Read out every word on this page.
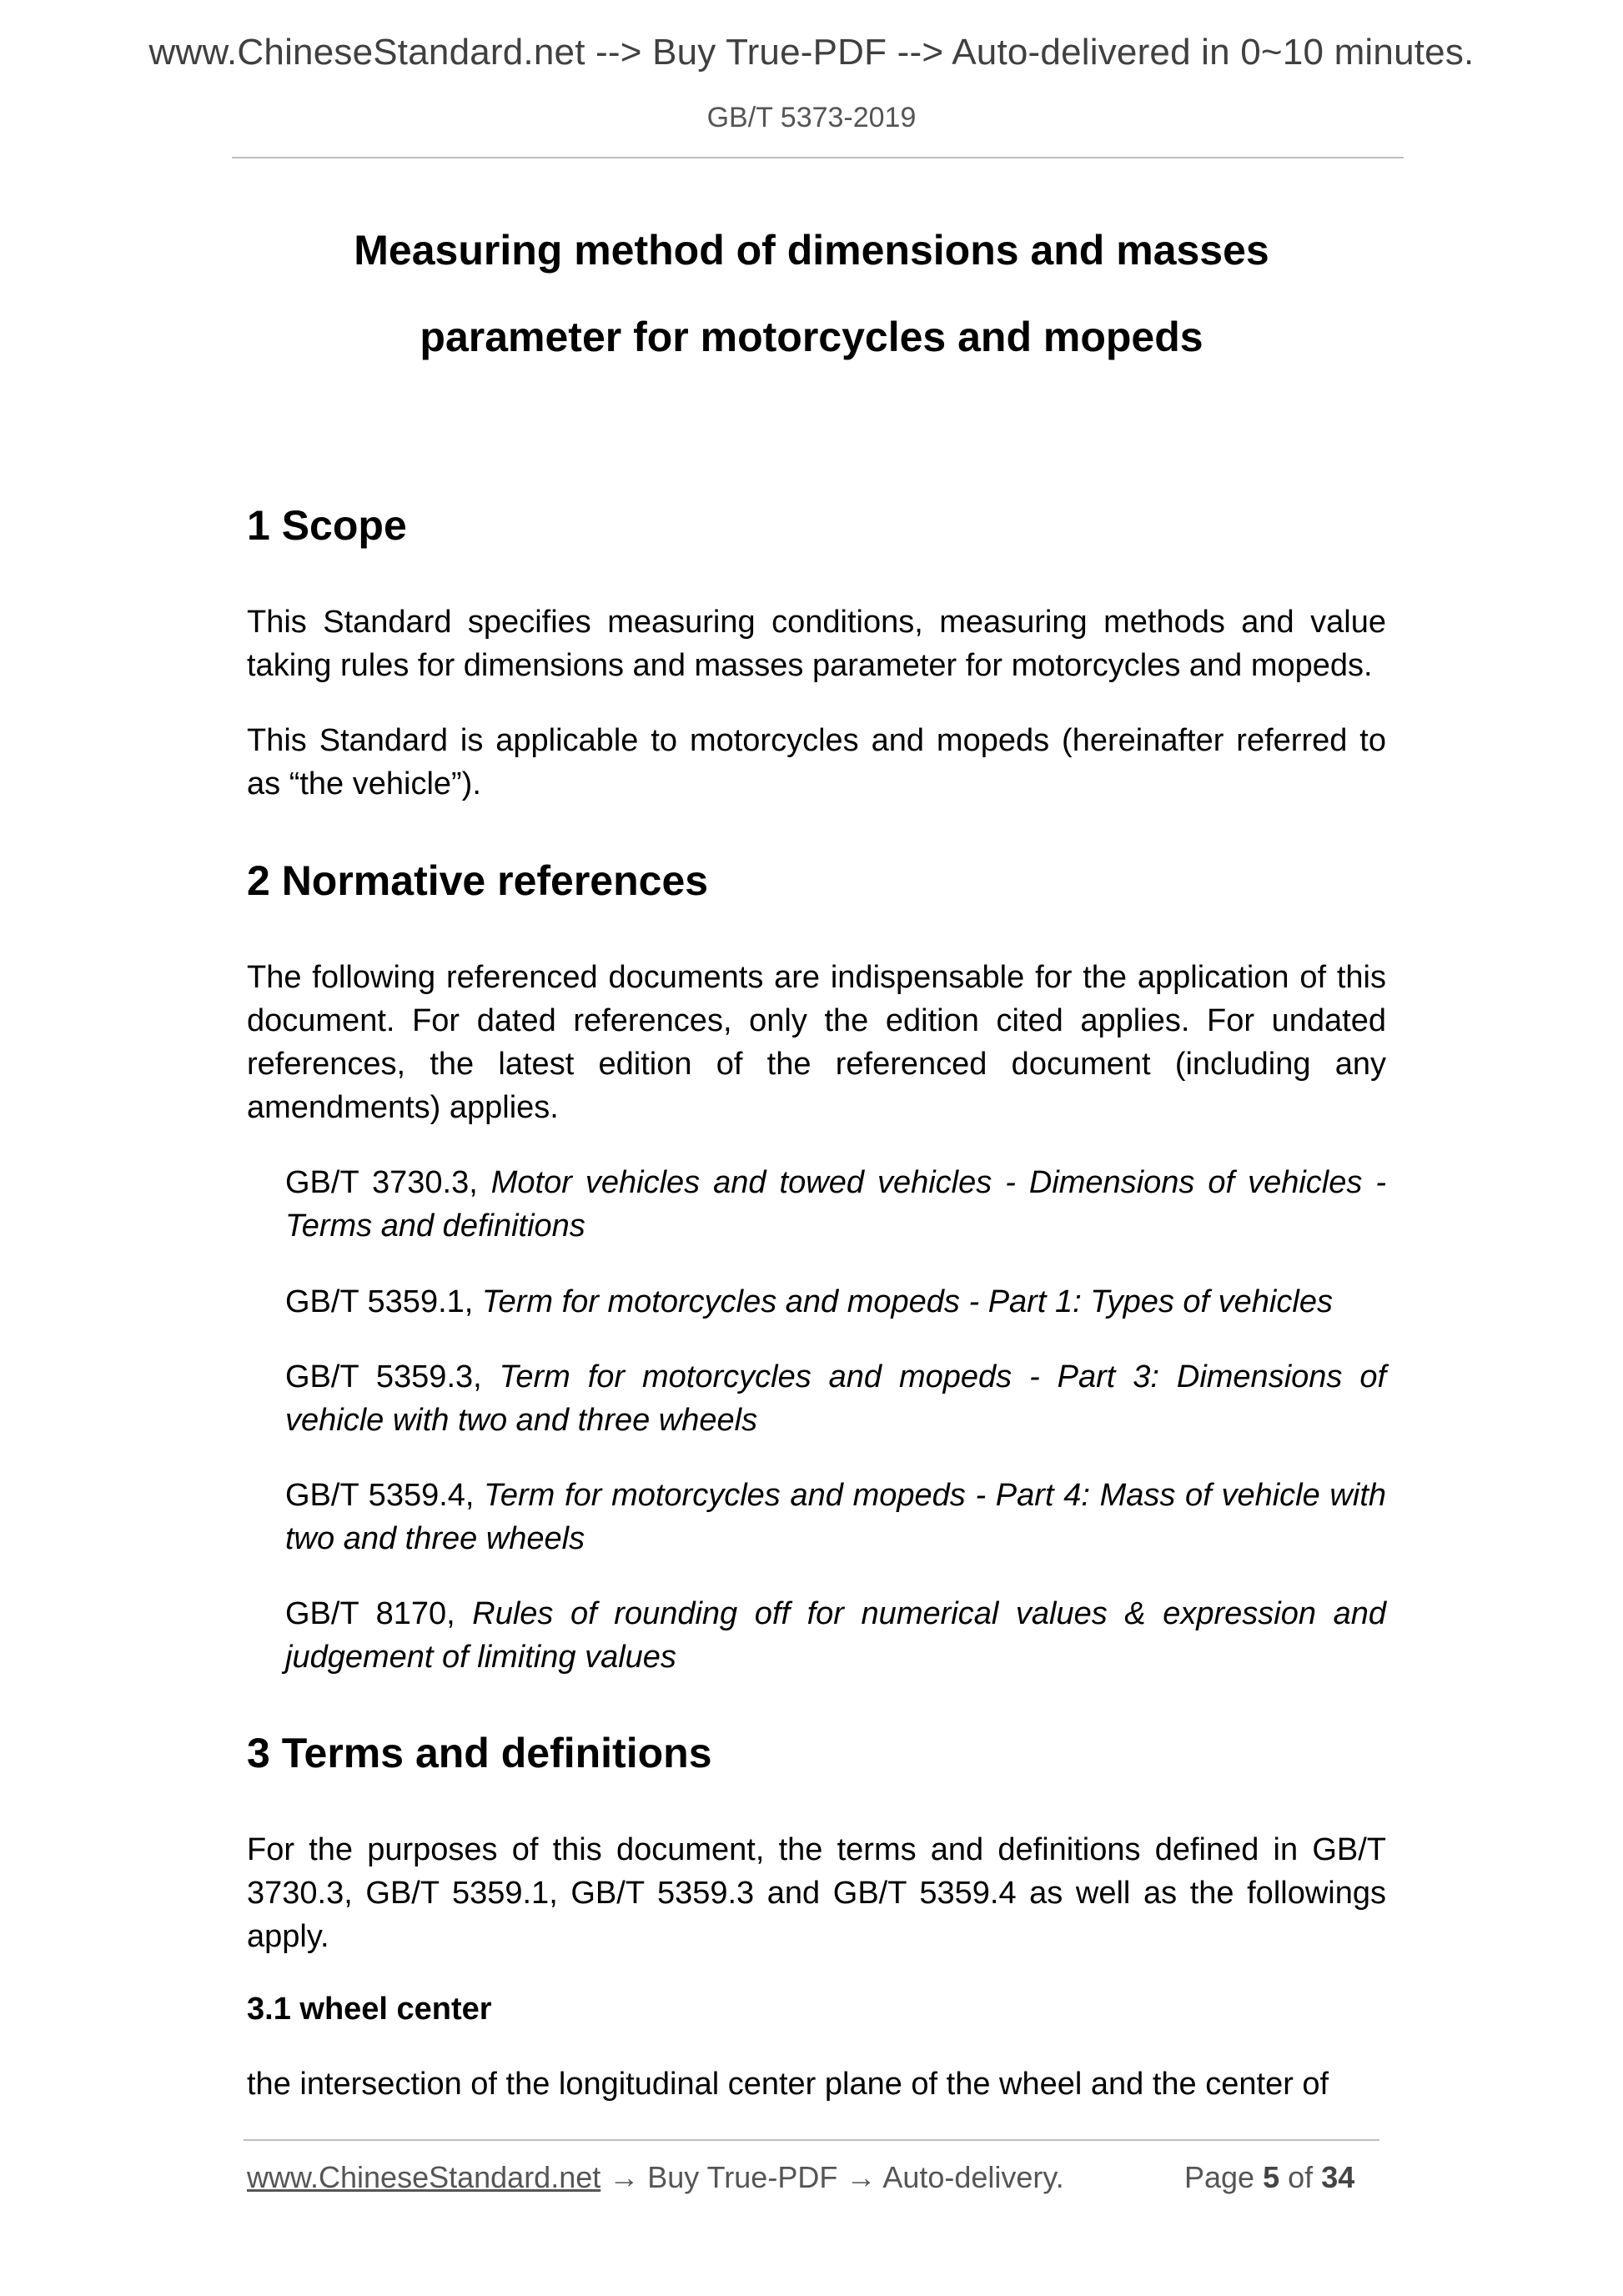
www.ChineseStandard.net --> Buy True-PDF --> Auto-delivered in 0~10 minutes.
GB/T 5373-2019
Measuring method of dimensions and masses
parameter for motorcycles and mopeds
1 Scope

This Standard specifies measuring conditions, measuring methods and value taking rules for dimensions and masses parameter for motorcycles and mopeds.

This Standard is applicable to motorcycles and mopeds (hereinafter referred to as “the vehicle”).

2 Normative references

The following referenced documents are indispensable for the application of this document. For dated references, only the edition cited applies. For undated references, the latest edition of the referenced document (including any amendments) applies.

GB/T 3730.3, Motor vehicles and towed vehicles - Dimensions of vehicles - Terms and definitions

GB/T 5359.1, Term for motorcycles and mopeds - Part 1: Types of vehicles

GB/T 5359.3, Term for motorcycles and mopeds - Part 3: Dimensions of vehicle with two and three wheels

GB/T 5359.4, Term for motorcycles and mopeds - Part 4: Mass of vehicle with two and three wheels

GB/T 8170, Rules of rounding off for numerical values & expression and judgement of limiting values

3 Terms and definitions

For the purposes of this document, the terms and definitions defined in GB/T 3730.3, GB/T 5359.1, GB/T 5359.3 and GB/T 5359.4 as well as the followings apply.

3.1 wheel center

the intersection of the longitudinal center plane of the wheel and the center of

www.ChineseStandard.net → Buy True-PDF → Auto-delivery.	Page 5 of 34
